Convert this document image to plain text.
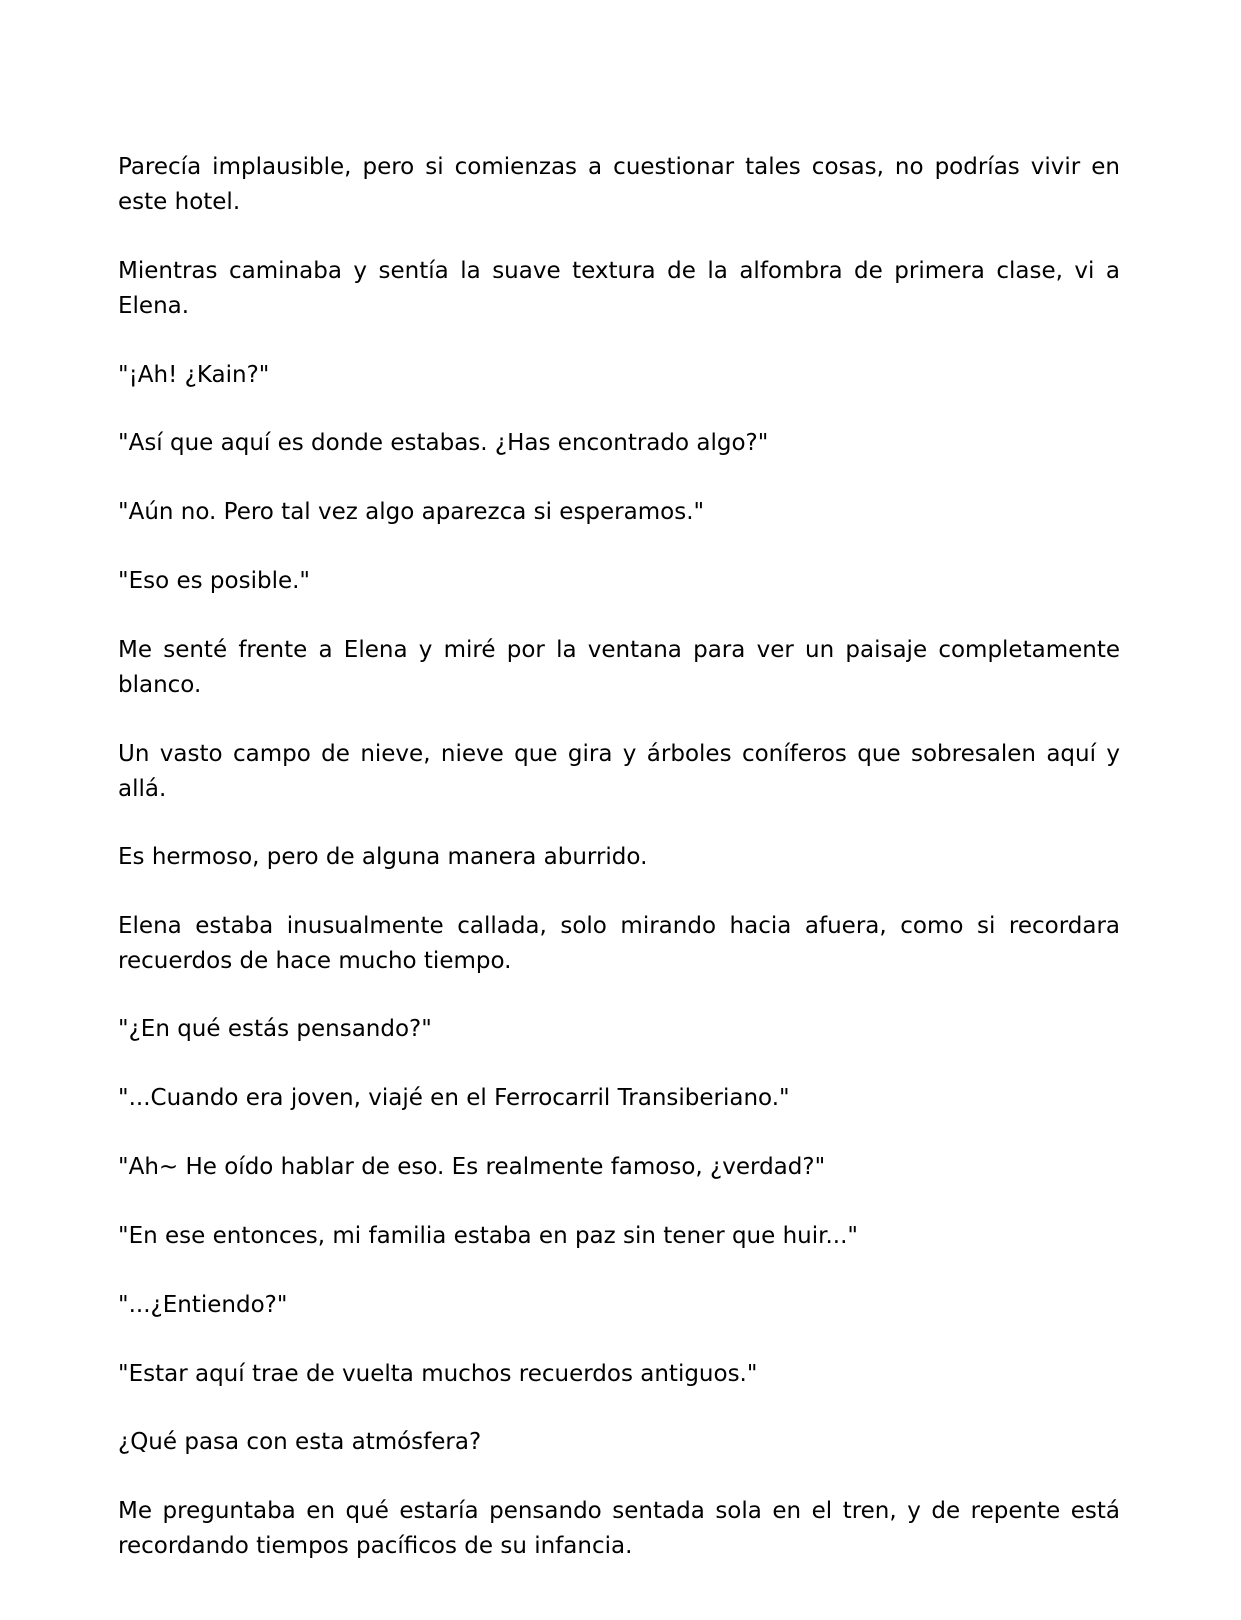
Parecía implausible, pero si comienzas a cuestionar tales cosas, no podrías vivir en este hotel.

Mientras caminaba y sentía la suave textura de la alfombra de primera clase, vi a Elena.

"¡Ah! ¿Kain?"

"Así que aquí es donde estabas. ¿Has encontrado algo?"

"Aún no. Pero tal vez algo aparezca si esperamos."

"Eso es posible."

Me senté frente a Elena y miré por la ventana para ver un paisaje completamente blanco.

Un vasto campo de nieve, nieve que gira y árboles coníferos que sobresalen aquí y allá.

Es hermoso, pero de alguna manera aburrido.

Elena estaba inusualmente callada, solo mirando hacia afuera, como si recordara recuerdos de hace mucho tiempo.

"¿En qué estás pensando?"

"...Cuando era joven, viajé en el Ferrocarril Transiberiano."

"Ah~ He oído hablar de eso. Es realmente famoso, ¿verdad?"

"En ese entonces, mi familia estaba en paz sin tener que huir..."

"...¿Entiendo?"

"Estar aquí trae de vuelta muchos recuerdos antiguos."

¿Qué pasa con esta atmósfera?

Me preguntaba en qué estaría pensando sentada sola en el tren, y de repente está recordando tiempos pacíficos de su infancia.
